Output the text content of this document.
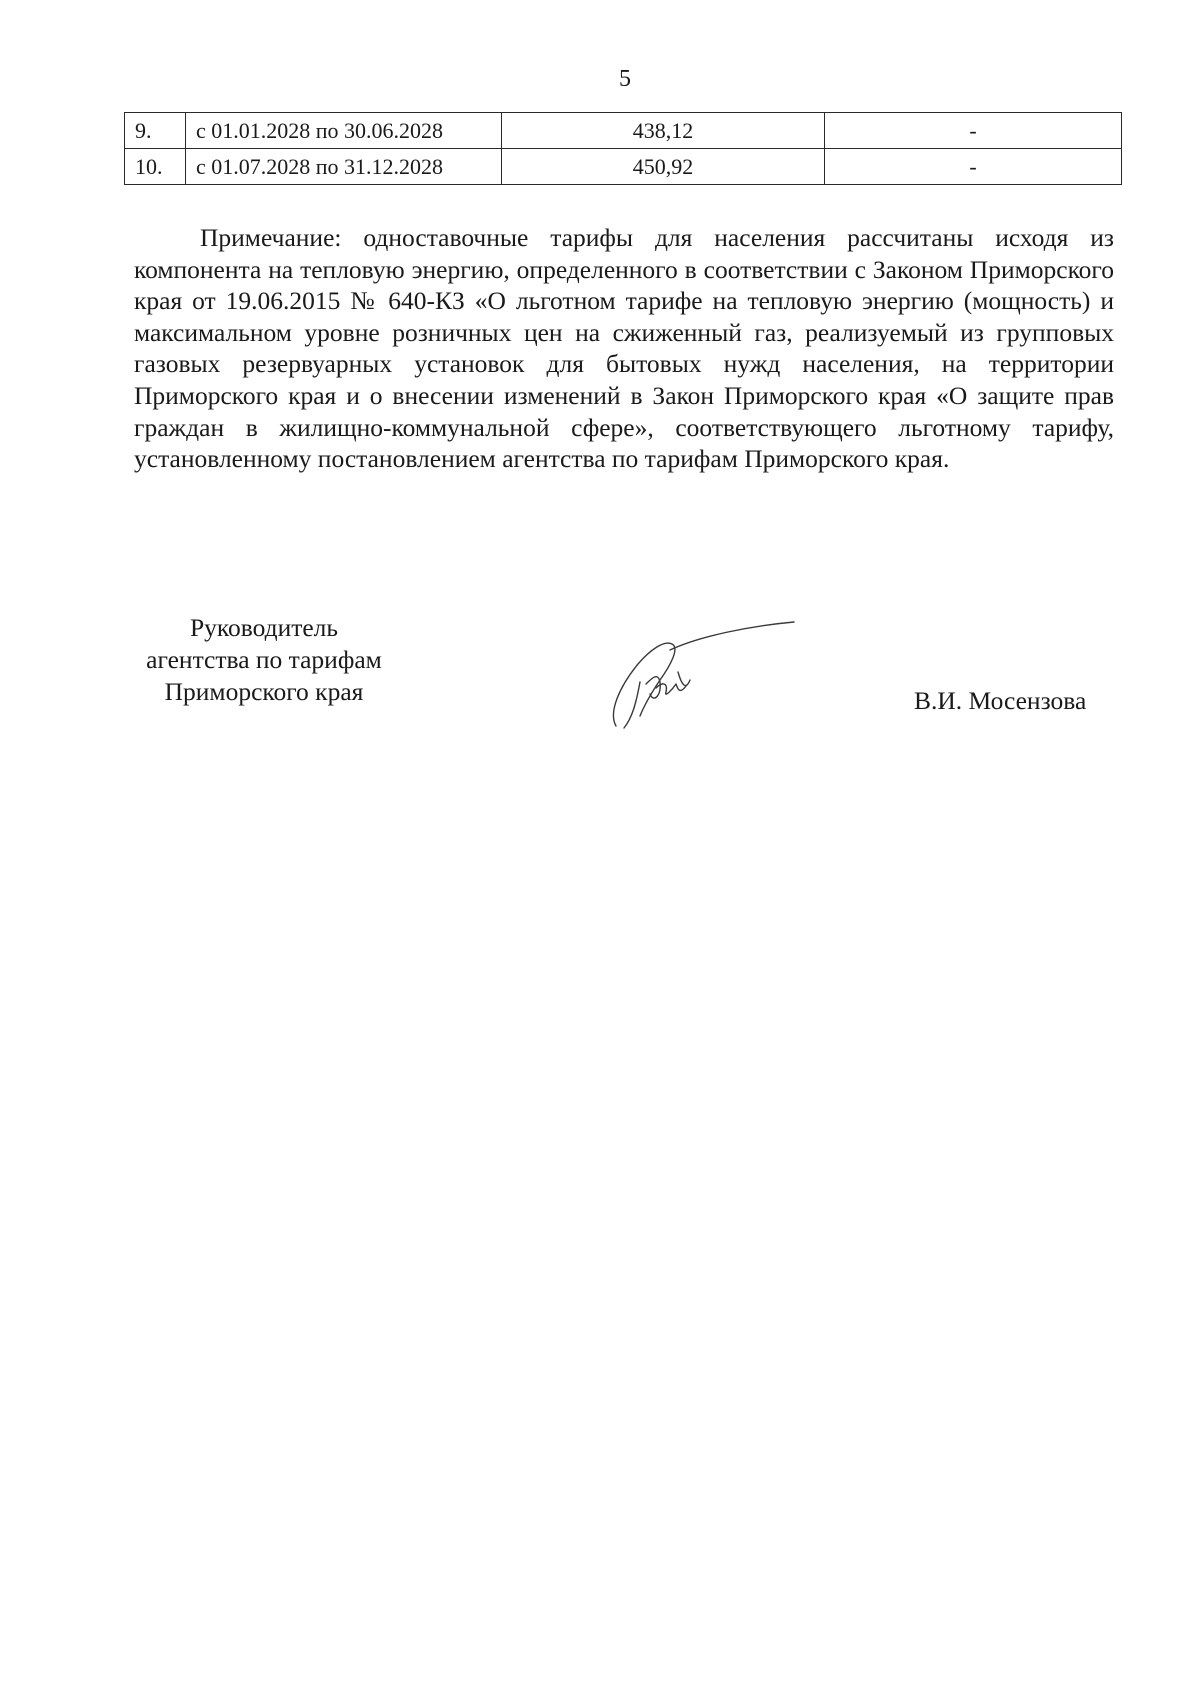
5
9.	с 01.01.2028 по 30.06.2028	438,12	-
10.	с 01.07.2028 по 31.12.2028	450,92	-

Примечание: одноставочные тарифы для населения рассчитаны исходя из компонента на тепловую энергию, определенного в соответствии с Законом Приморского края от 19.06.2015 № 640-КЗ «О льготном тарифе на тепловую энергию (мощность) и максимальном уровне розничных цен на сжиженный газ, реализуемый из групповых газовых резервуарных установок для бытовых нужд населения, на территории Приморского края и о внесении изменений в Закон Приморского края «О защите прав граждан в жилищно-коммунальной сфере», соответствующего льготному тарифу, установленному постановлением агентства по тарифам Приморского края.

Руководитель
агентства по тарифам
Приморского края	В.И. Мосензова
